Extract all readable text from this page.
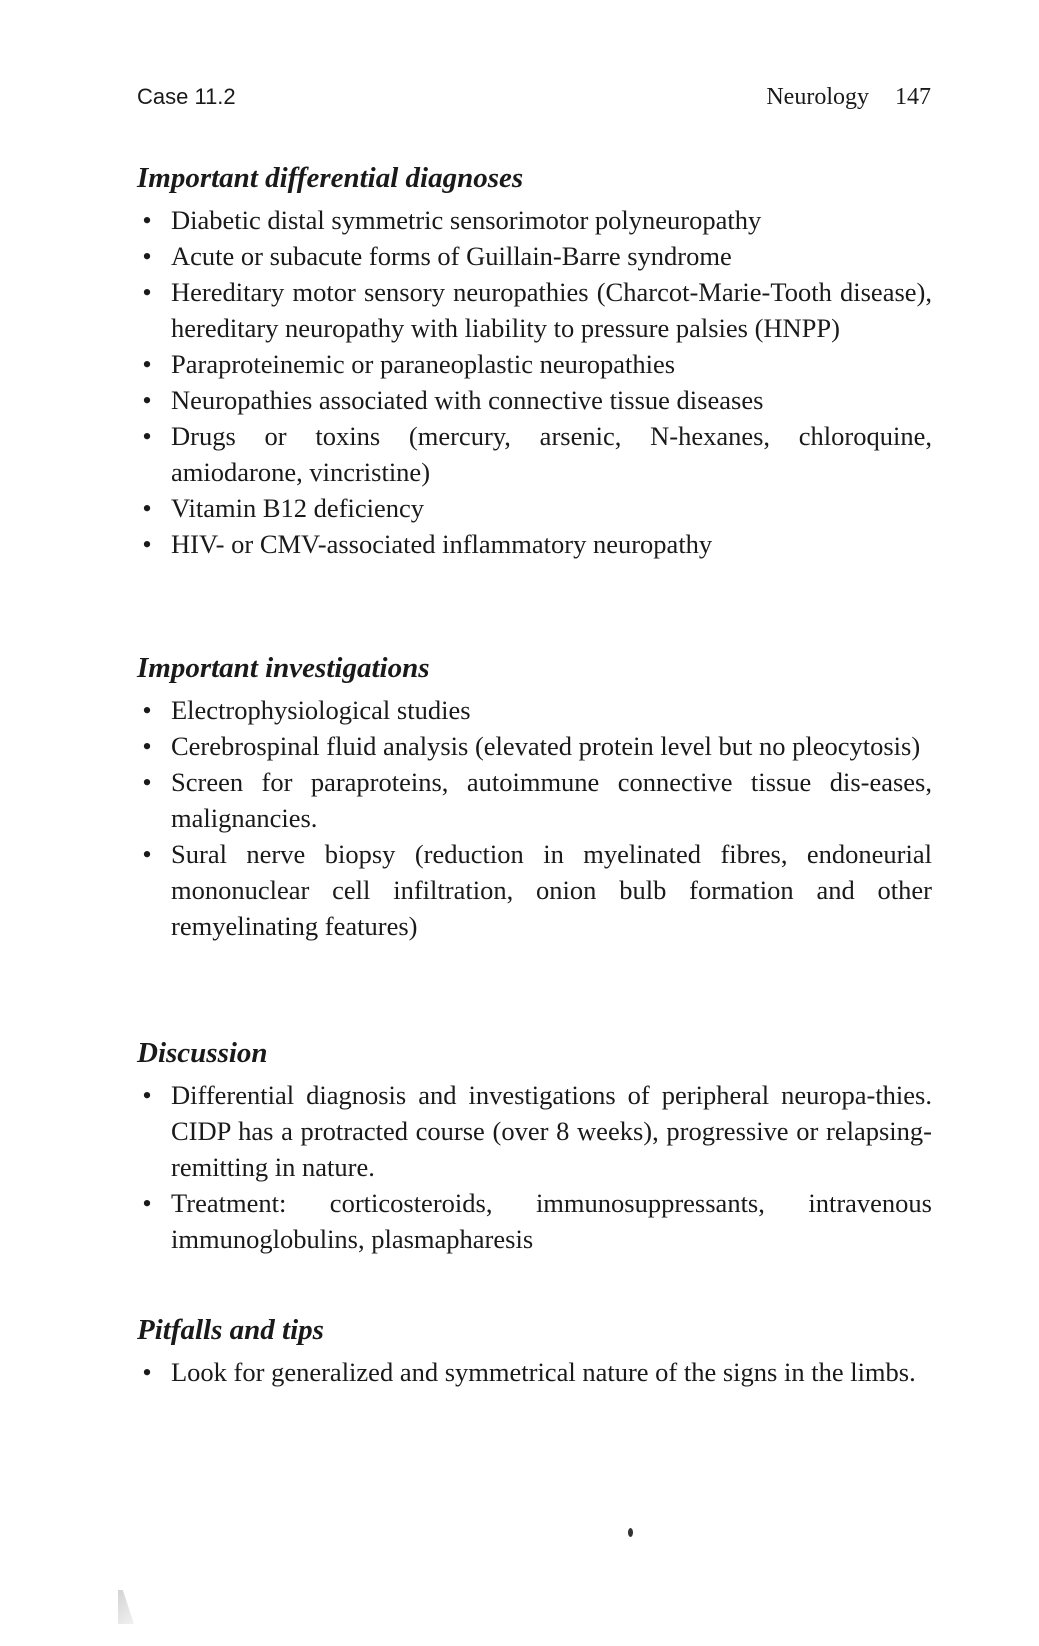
Case 11.2	Neurology 147
Important differential diagnoses
• Diabetic distal symmetric sensorimotor polyneuropathy
• Acute or subacute forms of Guillain-Barre syndrome
• Hereditary motor sensory neuropathies (Charcot-Marie-Tooth disease), hereditary neuropathy with liability to pressure palsies (HNPP)
• Paraproteinemic or paraneoplastic neuropathies
• Neuropathies associated with connective tissue diseases
• Drugs or toxins (mercury, arsenic, N-hexanes, chloroquine, amiodarone, vincristine)
• Vitamin B12 deficiency
• HIV- or CMV-associated inflammatory neuropathy
Important investigations
• Electrophysiological studies
• Cerebrospinal fluid analysis (elevated protein level but no pleocytosis)
• Screen for paraproteins, autoimmune connective tissue dis-eases, malignancies.
• Sural nerve biopsy (reduction in myelinated fibres, endoneurial mononuclear cell infiltration, onion bulb formation and other remyelinating features)
Discussion
• Differential diagnosis and investigations of peripheral neuropa-thies. CIDP has a protracted course (over 8 weeks), progressive or relapsing-remitting in nature.
• Treatment: corticosteroids, immunosuppressants, intravenous immunoglobulins, plasmapharesis
Pitfalls and tips
• Look for generalized and symmetrical nature of the signs in the limbs.
